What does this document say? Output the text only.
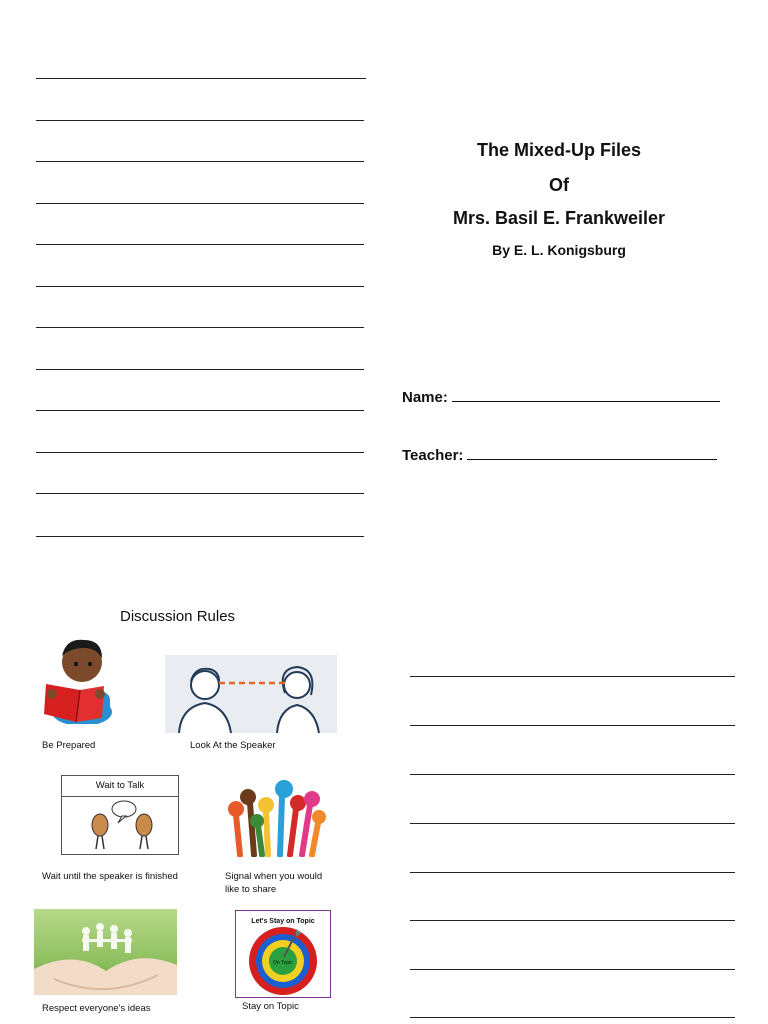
The Mixed-Up Files
Of
Mrs. Basil E. Frankweiler
By E. L. Konigsburg
Name:
Teacher:
Discussion Rules
Be Prepared	Look At the Speaker
Wait to Talk
Wait until the speaker is finished	Signal when you would like to share
Respect everyone's ideas
On Topic
Let's Stay on Topic
Stay on Topic
